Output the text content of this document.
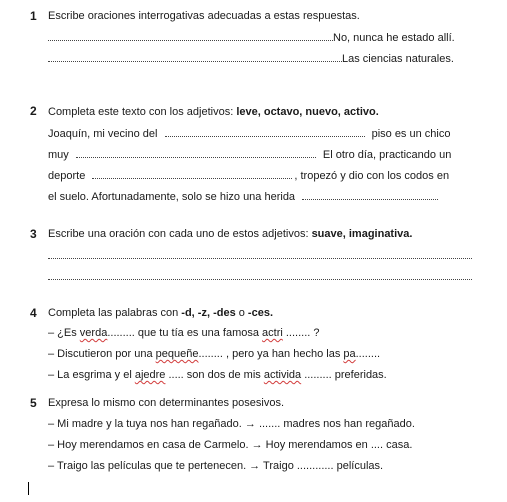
1 Escribe oraciones interrogativas adecuadas a estas respuestas.
No, nunca he estado allí.
Las ciencias naturales.
2 Completa este texto con los adjetivos: leve, octavo, nuevo, activo.
Joaquín, mi vecino del	piso es un chico
muy	El otro día, practicando un
deporte	, tropezó y dio con los codos en
el suelo. Afortunadamente, solo se hizo una herida
3 Escribe una oración con cada uno de estos adjetivos: suave, imaginativa.
4 Completa las palabras con -d, -z, -des o -ces.
– ¿Es verda......... que tu tía es una famosa actri ........ ?
– Discutieron por una pequeñe........ , pero ya han hecho las pa........
– La esgrima y el ajedre ..... son dos de mis activida ......... preferidas.
5 Expresa lo mismo con determinantes posesivos.
– Mi madre y la tuya nos han regañado. → ....... madres nos han regañado.
– Hoy merendamos en casa de Carmelo. → Hoy merendamos en .... casa.
– Traigo las películas que te pertenecen. → Traigo ............ películas.
